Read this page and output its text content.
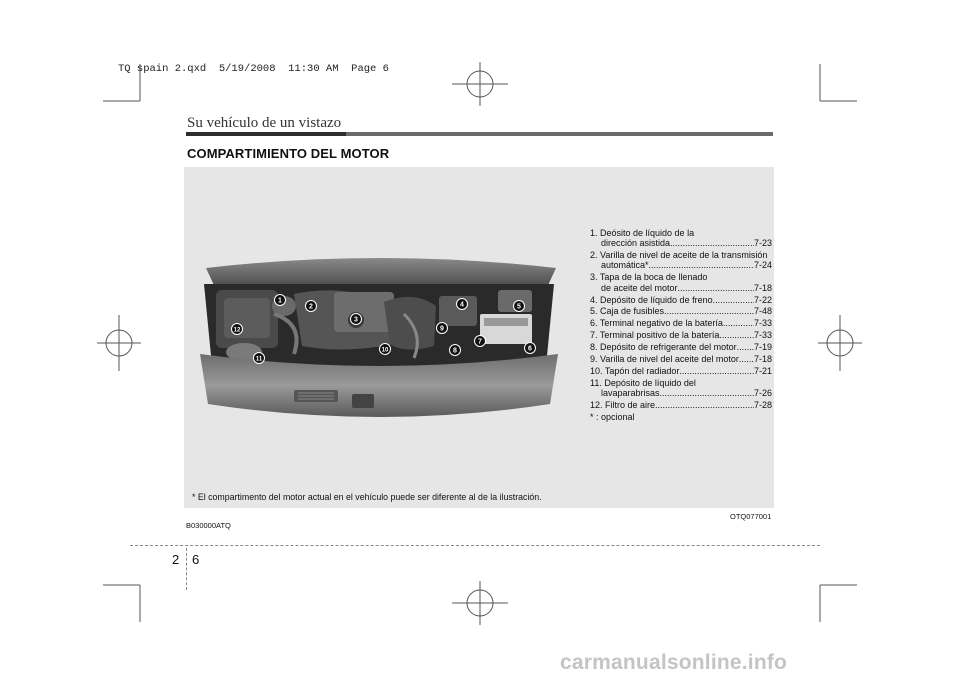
TQ spain 2.qxd  5/19/2008  11:30 AM  Page 6
Su vehículo de un vistazo
COMPARTIMIENTO DEL MOTOR
1
2
3
4	5
6
7
8
9
10
11
12
1. Deósito de líquido de la
dirección asistida .....	7-23
2. Varilla de nivel de aceite de la transmisión
automática* .....	7-24
3. Tapa de la boca de llenado
de aceite del motor .....	7-18
4. Depósito de líquido de freno .....	7-22
5. Caja de fusibles .....	7-48
6. Terminal negativo de la batería .....	7-33
7. Terminal positivo de la batería .....	7-33
8. Depósito de refrigerante del motor ..... 7-19
9. Varilla de nivel del aceite del motor ..... 7-18
10. Tapón del radiador .....	7-21
11. Depósito de líquido del
lavaparabrisas .....	7-26
12. Filtro de aire .....	7-28
* : opcional
* El compartimento del motor actual en el vehículo puede ser diferente al de la ilustración.
OTQ077001
B030000ATQ
2 6
carmanualsonline.info
